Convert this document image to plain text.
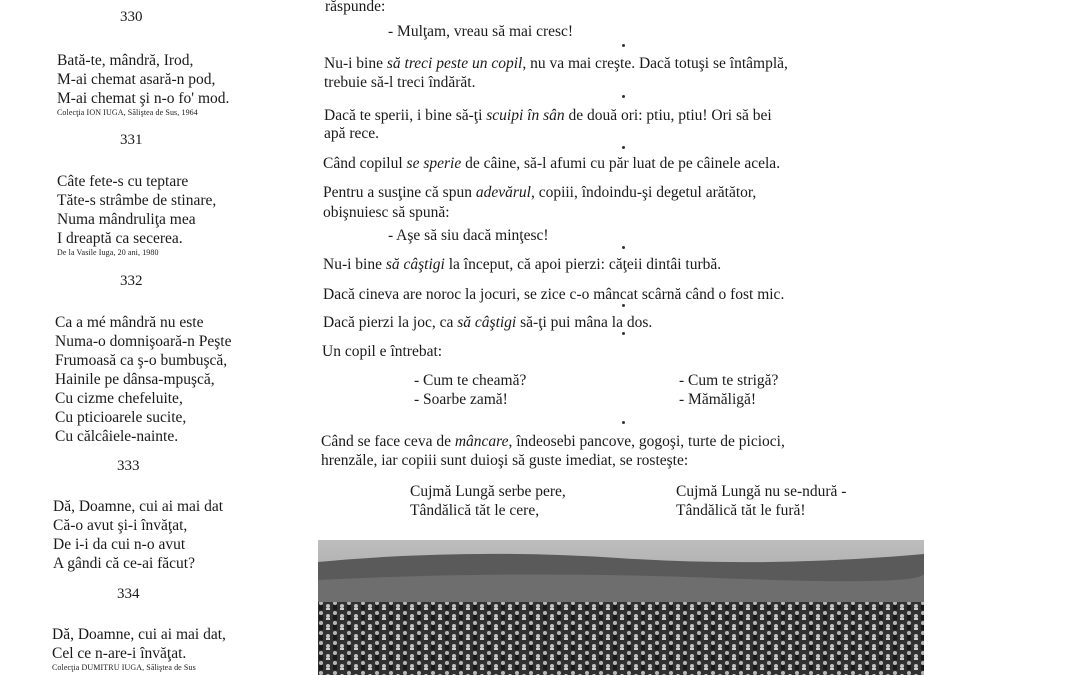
330
Bată-te, mândră, Irod,
M-ai chemat asară-n pod,
M-ai chemat şi n-o fo' mod.
Colecţia ION IUGA, Săliştea de Sus, 1964
331
Câte fete-s cu teptare
Tăte-s strâmbe de stinare,
Numa mândruliţa mea
I dreaptă ca secerea.
De la Vasile Iuga, 20 ani, 1980
332
Ca a mé mândră nu este
Numa-o domnişoară-n Peşte
Frumoasă ca ş-o bumbuşcă,
Hainile pe dânsa-mpuşcă,
Cu cizme chefeluite,
Cu pticioarele sucite,
Cu călcâiele-nainte.
333
Dă, Doamne, cui ai mai dat
Că-o avut şi-i învăţat,
De i-i da cui n-o avut
A gândi că ce-ai făcut?
334
Dă, Doamne, cui ai mai dat,
Cel ce n-are-i învăţat.
Colecţia DUMITRU IUGA, Săliştea de Sus
răspunde:
- Mulţam, vreau să mai cresc!
Nu-i bine să treci peste un copil, nu va mai creşte. Dacă totuşi se întâmplă,
trebuie să-l treci îndărăt.
Dacă te sperii, i bine să-ţi scuipi în sân de două ori: ptiu, ptiu! Ori să bei
apă rece.
Când copilul se sperie de câine, să-l afumi cu păr luat de pe câinele acela.
Pentru a susţine că spun adevărul, copiii, îndoindu-şi degetul arătător,
obişnuiesc să spună:
- Aşe să siu dacă minţesc!
Nu-i bine să câştigi la început, că apoi pierzi: căţeii dintâi turbă.
Dacă cineva are noroc la jocuri, se zice c-o mâncat scârnă când o fost mic.
Dacă pierzi la joc, ca să câştigi să-ţi pui mâna la dos.
Un copil e întrebat:
- Cum te cheamă?
- Soarbe zamă!
- Cum te strigă?
- Mămăligă!
Când se face ceva de mâncare, îndeosebi pancove, gogoşi, turte de picioci,
hrenzăle, iar copiii sunt duioşi să guste imediat, se rosteşte:
Cujmă Lungă serbe pere,
Tândălică tăt le cere,
Cujmă Lungă nu se-ndură -
Tândălică tăt le fură!
